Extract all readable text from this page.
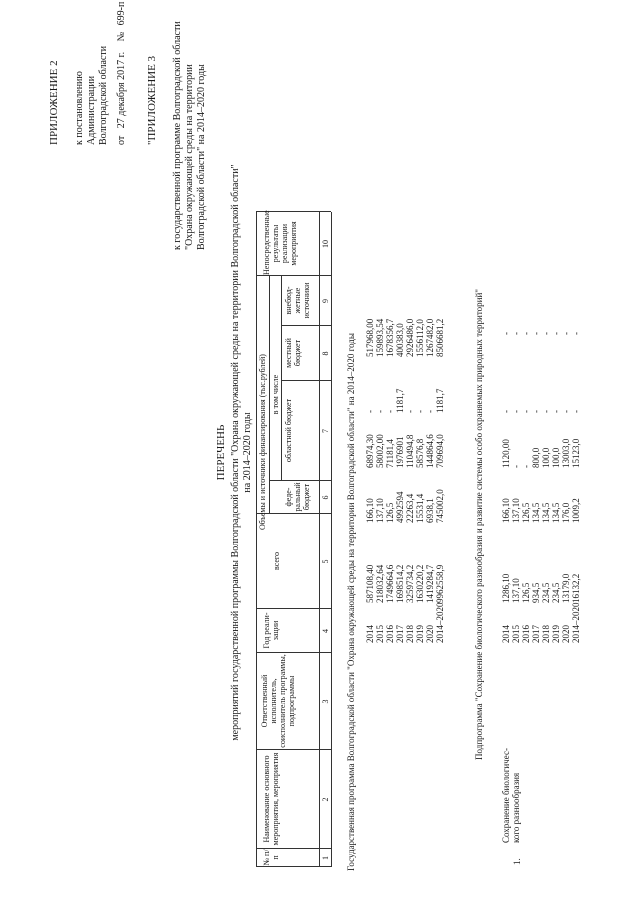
ПРИЛОЖЕНИЕ 2 к постановлению Администрации Волгоградской области от 27 декабря 2017 г. № 699-п
"ПРИЛОЖЕНИЕ 3 к государственной программе Волгоградской области "Охрана окружающей среды на территории Волгоградской области" на 2014–2020 годы
ПЕРЕЧЕНЬ мероприятий государственной программы Волгоградской области "Охрана окружающей среды на территории Волгоградской области" на 2014–2020 годы
№ п/п
Наименование основного мероприятия, мероприятия
Ответственный исполнитель, соисполнитель программы, подпрограммы
Год реали-зации
Объемы и источники финансирования (тыс.рублей)
всего
в том числе
феде-ральный бюджет
областной бюджет
местный бюджет
внебюд-жетные источники
Непосредственные результаты реализации мероприятия
1
2
3
4
5
6
7
8
9
10
Государственная программа Волгоградской области "Охрана окружающей среды на территории Волгоградской области" на 2014–2020 годы 2014 2015 2016 2017 2018 2019 2020 2014–2020
587108,40 218032,64 1749664,6 1698514,2 3259734,2 1630220,2 1419284,7 9962558,9
166,10 137,10 126,5 4992594 22263,4 15531,4 6938,1 745002,0
68974,30 58002,00 71181,4 1976901 110494,8 58576,8 144864,6 709694,0
- - - 1181,7 - - - 1181,7
517968,00 159893,54 1678356,7 400383,0 2926486,0 1556112,0 1267482,0 8506681,2	Подпрограмма "Сохранение биологического разнообразия и развитие системы особо охраняемых природных территорий"
1.
Сохранение биологичес- кого разнообразия
2014 2015 2016 2017 2018 2019 2020 2014–2020
1286,10 137,10 126,5 934,5 234,5 234,5 13179,0 16132,2
166,10 137,10 126,5 134,5 134,5 134,5 176,0 1009,2
1120,00 - - 800,0 100,0 100,0 13003,0 15123,0
- - - - - - - -
- - - - - - - -
